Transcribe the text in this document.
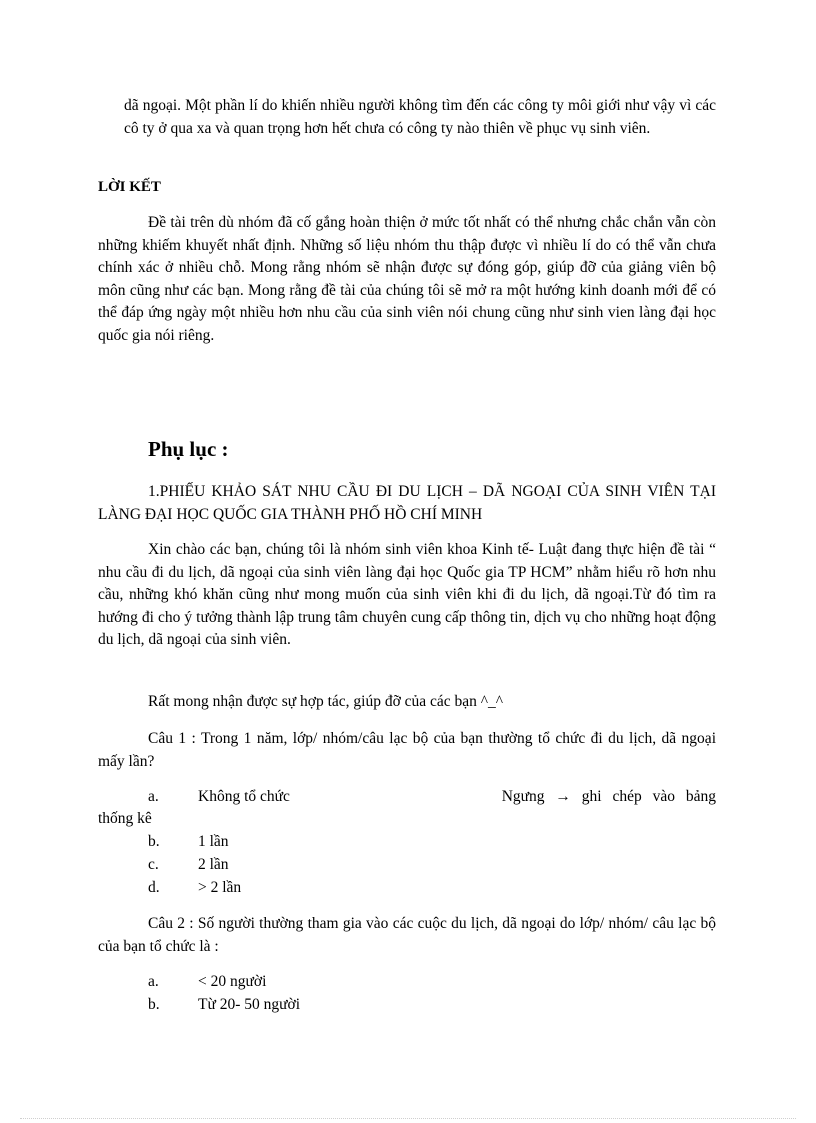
dã ngoại. Một phần lí do khiến nhiều người không tìm đến các công ty môi giới như vậy vì các cô ty ở qua xa và quan trọng hơn hết chưa có công ty nào thiên về phục vụ sinh viên.
LỜI KẾT
Đề tài trên dù nhóm đã cố gắng hoàn thiện ở mức tốt nhất có thể nhưng chắc chắn vẫn còn những khiếm khuyết nhất định. Những số liệu nhóm thu thập được vì nhiều lí do có thể vẫn chưa chính xác ở nhiều chỗ. Mong rằng nhóm sẽ nhận được sự đóng góp, giúp đỡ của giảng viên bộ môn cũng như các bạn. Mong rằng đề tài của chúng tôi sẽ mở ra một hướng kinh doanh mới để có thể đáp ứng ngày một nhiều hơn nhu cầu của sinh viên nói chung cũng như sinh vien làng đại học quốc gia nói riêng.
Phụ lục :
1.PHIẾU KHẢO SÁT NHU CẦU ĐI DU LỊCH – DÃ NGOẠI CỦA SINH VIÊN TẠI LÀNG ĐẠI HỌC QUỐC GIA THÀNH PHỐ HỒ CHÍ MINH
Xin chào các bạn, chúng tôi là nhóm sinh viên khoa Kinh tế- Luật đang thực hiện đề tài “ nhu cầu đi du lịch, dã ngoại của sinh viên làng đại học Quốc gia TP HCM” nhằm hiểu rõ hơn nhu cầu, những khó khăn cũng như mong muốn của sinh viên khi đi du lịch, dã ngoại.Từ đó tìm ra hướng đi cho ý tưởng thành lập trung tâm chuyên cung cấp thông tin, dịch vụ cho những hoạt động du lịch, dã ngoại của sinh viên.
Rất mong nhận được sự hợp tác, giúp đỡ của các bạn ^_^
Câu 1 : Trong 1 năm, lớp/ nhóm/câu lạc bộ của bạn thường tổ chức đi du lịch, dã ngoại mấy lần?
a.	Không tổ chức	Ngưng → ghi chép vào bảng
thống kê
b.	1 lần
c.	2 lần
d.	> 2 lần
Câu 2 : Số người thường tham gia vào các cuộc du lịch, dã ngoại do lớp/ nhóm/ câu lạc bộ của bạn tổ chức là :
a.	< 20 người
b.	Từ 20- 50 người
